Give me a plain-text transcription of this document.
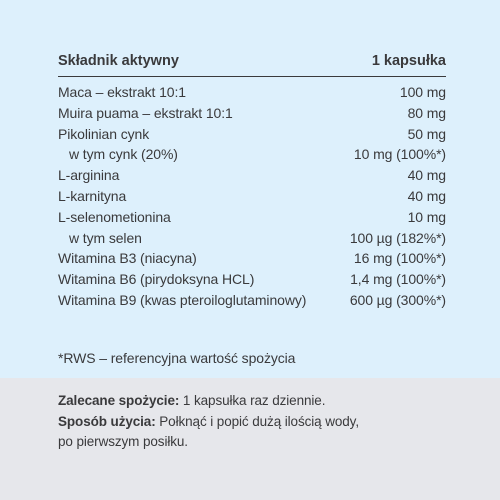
Składnik aktywny	1 kapsułka
Maca – ekstrakt 10:1	100 mg
Muira puama – ekstrakt 10:1	80 mg
Pikolinian cynk	50 mg
w tym cynk (20%)	10 mg (100%*)
L-arginina	40 mg
L-karnityna	40 mg
L-selenometionina	10 mg
w tym selen	100 µg (182%*)
Witamina B3 (niacyna)	16 mg (100%*)
Witamina B6 (pirydoksyna HCL)	1,4 mg (100%*)
Witamina B9 (kwas pteroiloglutaminowy)	600 µg (300%*)
*RWS – referencyjna wartość spożycia
Zalecane spożycie: 1 kapsułka raz dziennie.
Sposób użycia: Połknąć i popić dużą ilością wody,
po pierwszym posiłku.
